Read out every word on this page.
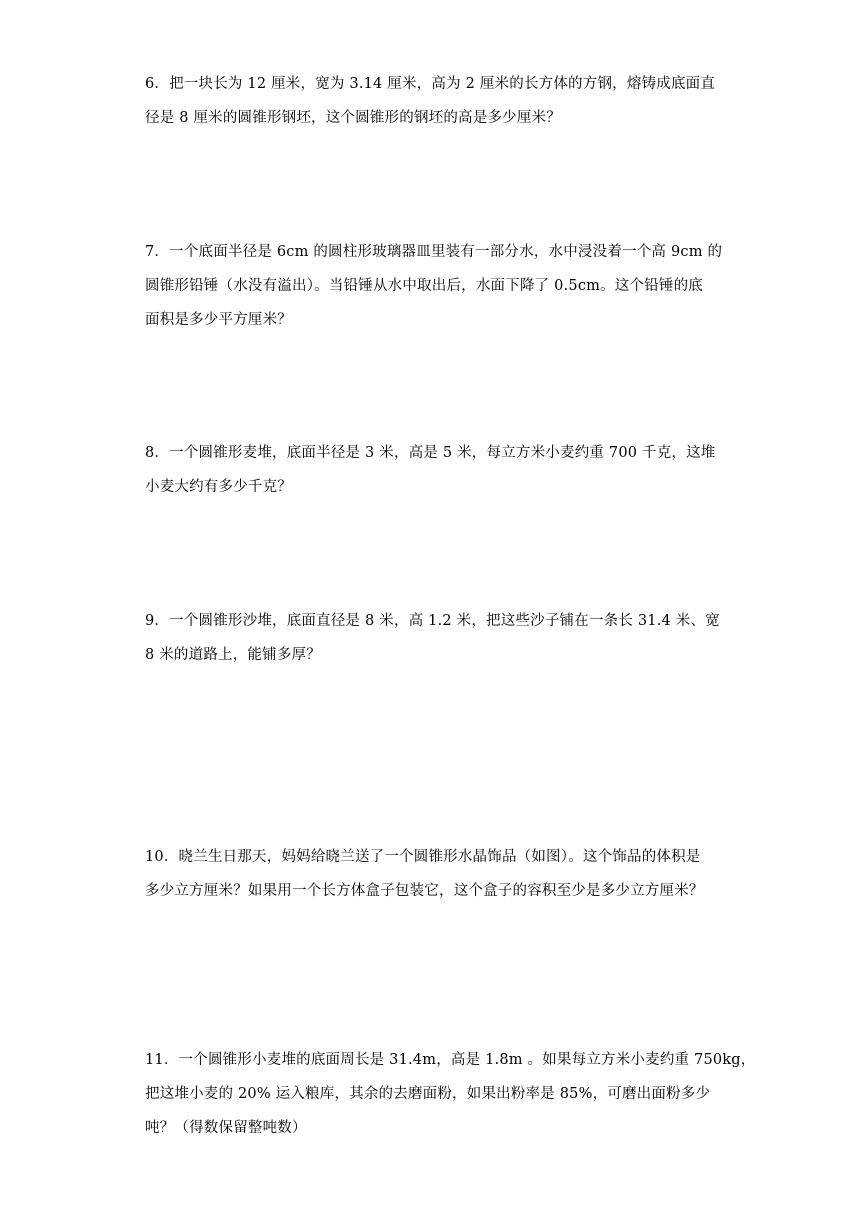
6．把一块长为 12 厘米，宽为 3.14 厘米，高为 2 厘米的长方体的方钢，熔铸成底面直
径是 8 厘米的圆锥形钢坯，这个圆锥形的钢坯的高是多少厘米？
7．一个底面半径是 6cm 的圆柱形玻璃器皿里装有一部分水，水中浸没着一个高 9cm 的
圆锥形铅锤（水没有溢出）。当铅锤从水中取出后，水面下降了 0.5cm。这个铅锤的底
面积是多少平方厘米？
8．一个圆锥形麦堆，底面半径是 3 米，高是 5 米，每立方米小麦约重 700 千克，这堆
小麦大约有多少千克？
9．一个圆锥形沙堆，底面直径是 8 米，高 1.2 米，把这些沙子铺在一条长 31.4 米、宽
8 米的道路上，能铺多厚？
10．晓兰生日那天，妈妈给晓兰送了一个圆锥形水晶饰品（如图）。这个饰品的体积是
多少立方厘米？如果用一个长方体盒子包装它，这个盒子的容积至少是多少立方厘米？
11．一个圆锥形小麦堆的底面周长是 31.4m，高是 1.8m 。如果每立方米小麦约重 750kg，
把这堆小麦的 20% 运入粮库，其余的去磨面粉，如果出粉率是 85%，可磨出面粉多少
吨？（得数保留整吨数）
